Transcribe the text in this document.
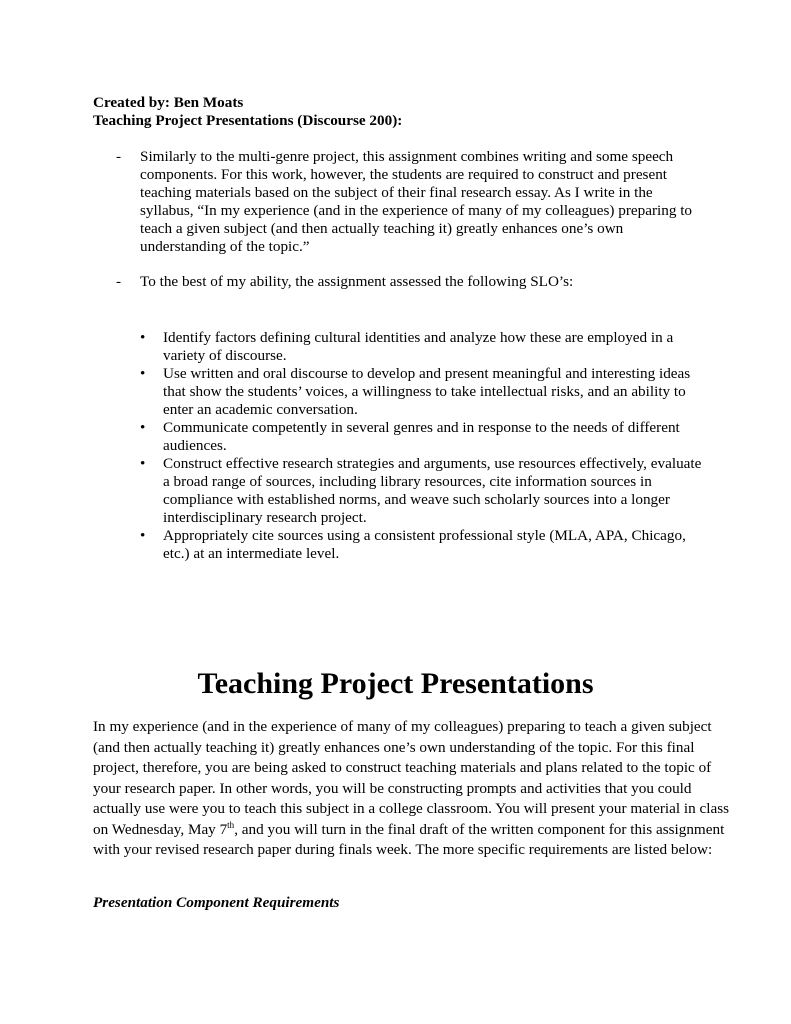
Created by: Ben Moats
Teaching Project Presentations (Discourse 200):
- Similarly to the multi-genre project, this assignment combines writing and some speech components. For this work, however, the students are required to construct and present teaching materials based on the subject of their final research essay. As I write in the syllabus, “In my experience (and in the experience of many of my colleagues) preparing to teach a given subject (and then actually teaching it) greatly enhances one’s own understanding of the topic.”
- To the best of my ability, the assignment assessed the following SLO’s:
• Identify factors defining cultural identities and analyze how these are employed in a variety of discourse.
• Use written and oral discourse to develop and present meaningful and interesting ideas that show the students’ voices, a willingness to take intellectual risks, and an ability to enter an academic conversation.
• Communicate competently in several genres and in response to the needs of different audiences.
• Construct effective research strategies and arguments, use resources effectively, evaluate a broad range of sources, including library resources, cite information sources in compliance with established norms, and weave such scholarly sources into a longer interdisciplinary research project.
• Appropriately cite sources using a consistent professional style (MLA, APA, Chicago, etc.) at an intermediate level.
Teaching Project Presentations
In my experience (and in the experience of many of my colleagues) preparing to teach a given subject (and then actually teaching it) greatly enhances one’s own understanding of the topic. For this final project, therefore, you are being asked to construct teaching materials and plans related to the topic of your research paper. In other words, you will be constructing prompts and activities that you could actually use were you to teach this subject in a college classroom. You will present your material in class on Wednesday, May 7th, and you will turn in the final draft of the written component for this assignment with your revised research paper during finals week. The more specific requirements are listed below:
Presentation Component Requirements
